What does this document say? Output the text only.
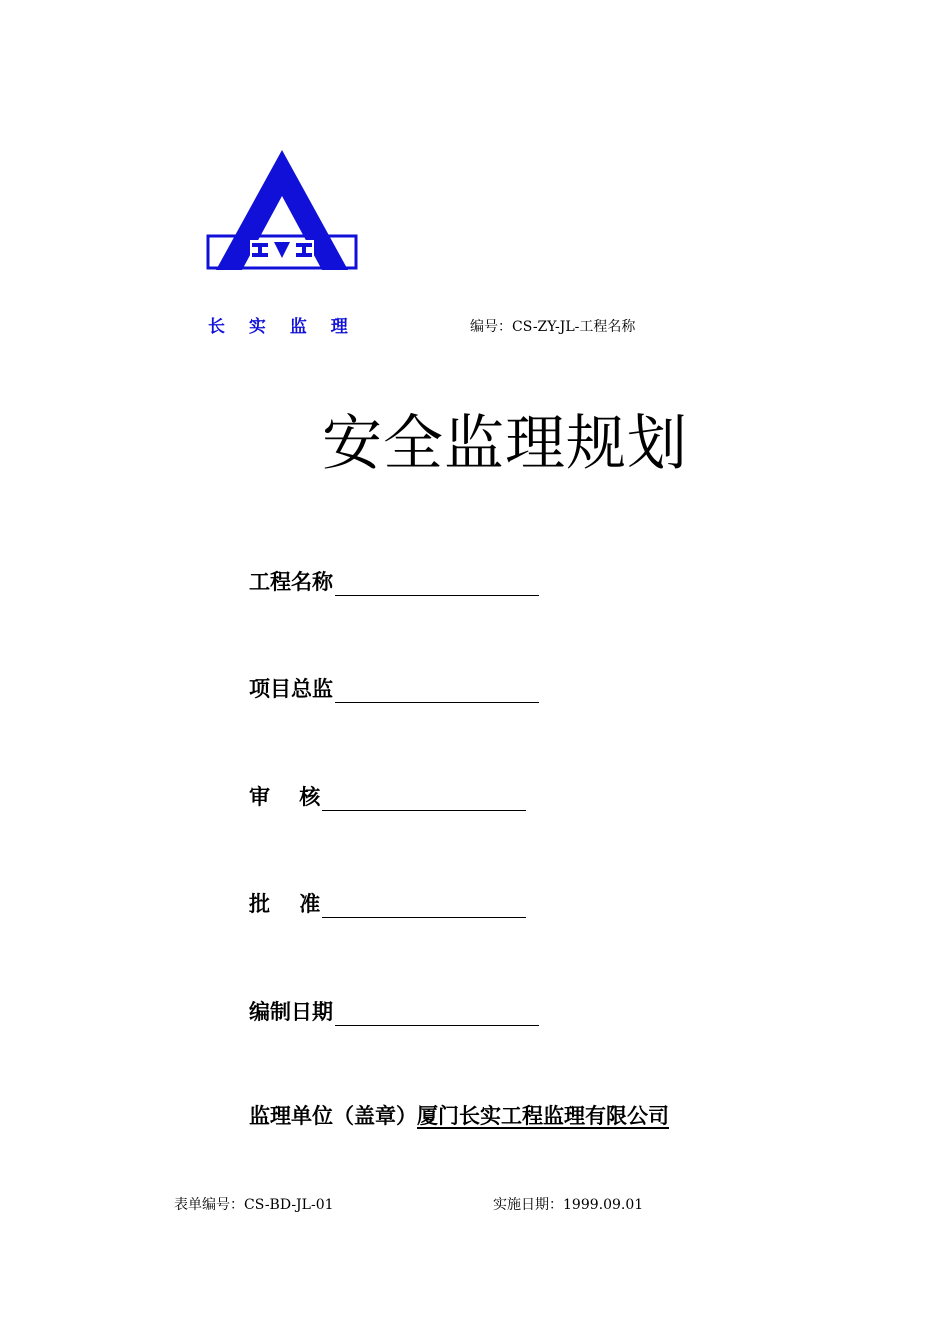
长 实 监 理	编号：CS-ZY-JL-工程名称
安全监理规划
工程名称
项目总监
审    核
批    准
编制日期
监理单位（盖章）厦门长实工程监理有限公司
表单编号：CS-BD-JL-01	实施日期：1999.09.01
